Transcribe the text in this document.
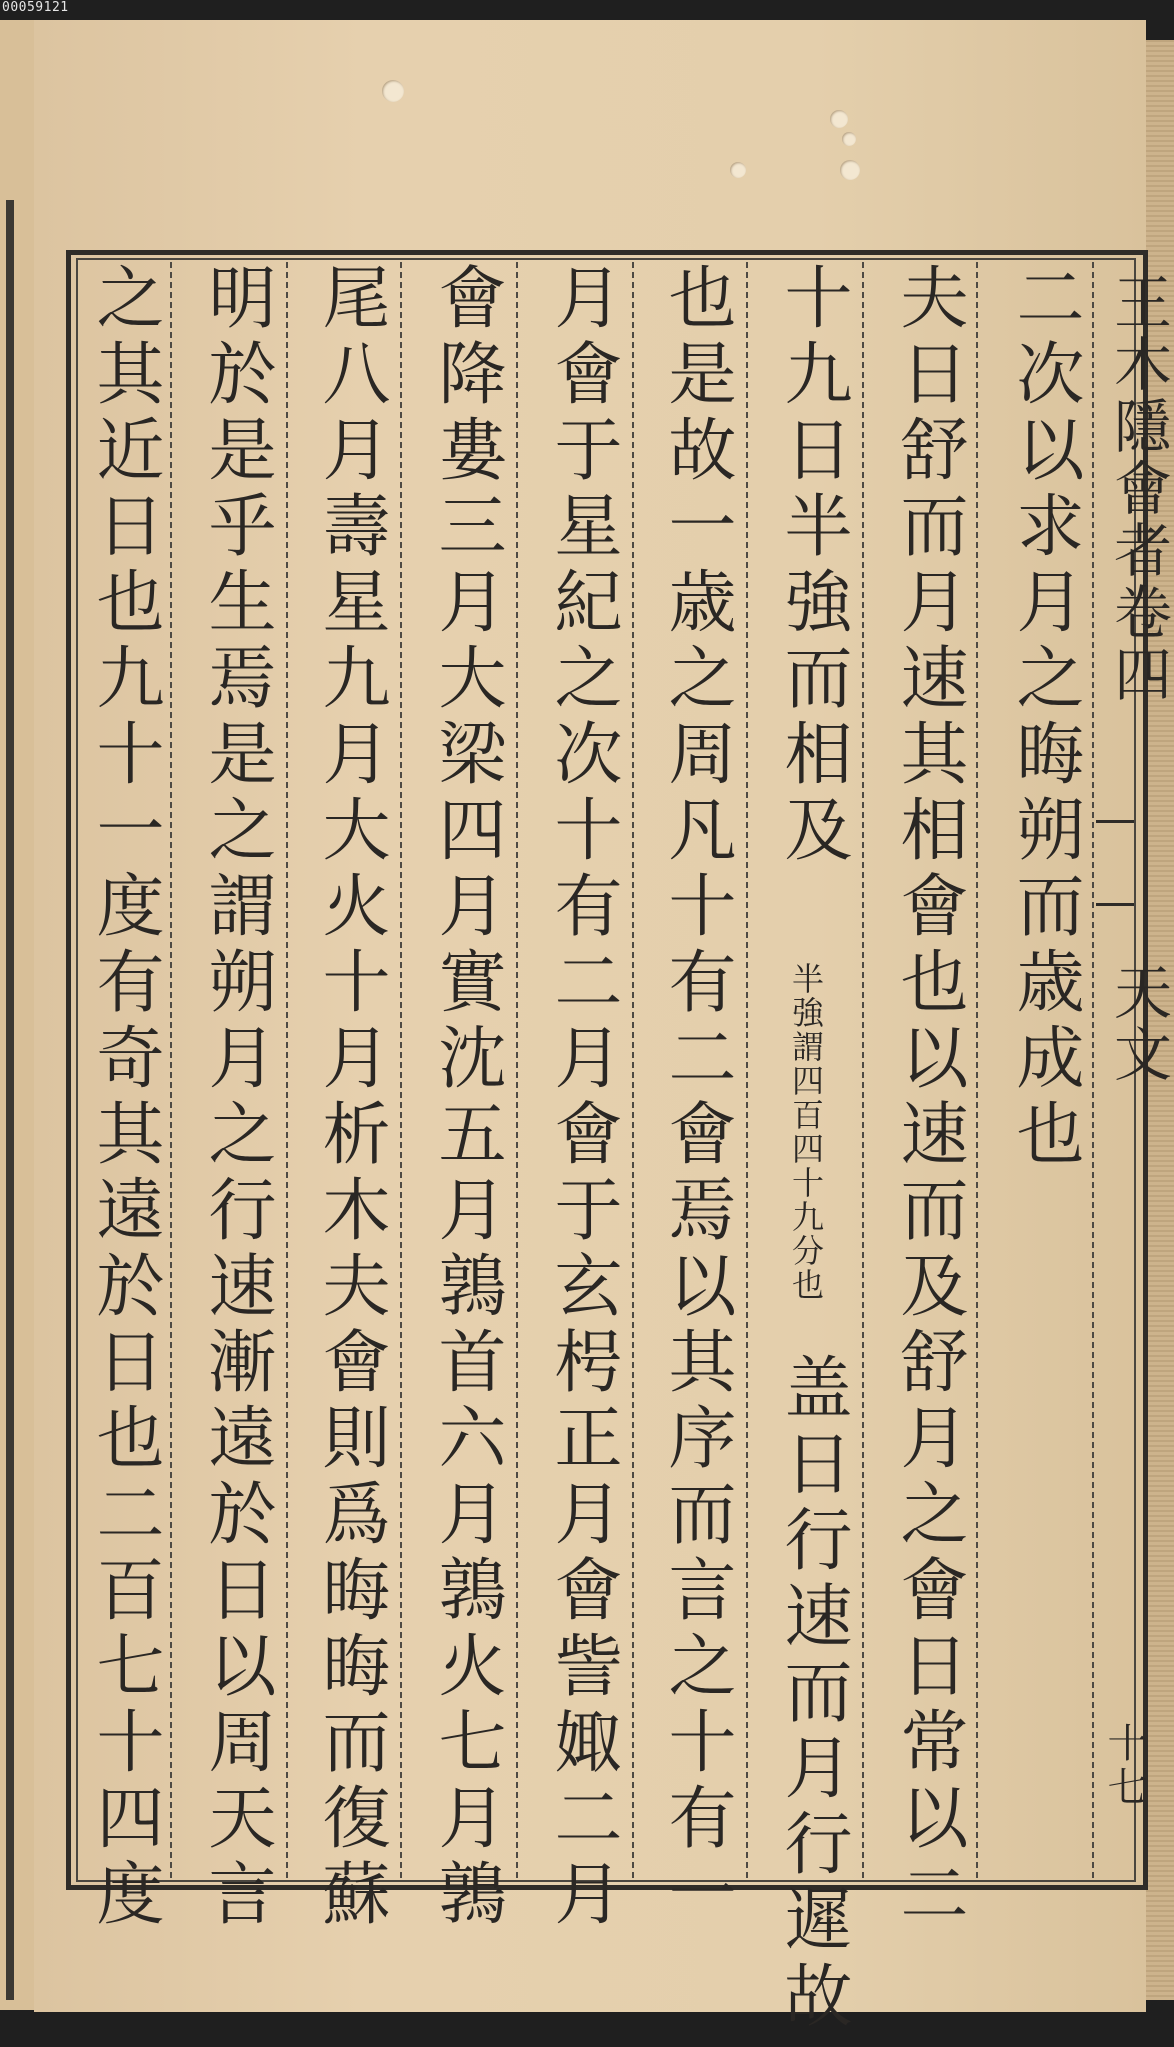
00059121
王木隱會者卷四
天文
十七
二次以求月之晦朔而歳成也
夫日舒而月速其相會也以速而及舒月之會日常以二
十九日半強而相及
半強謂四百四十九分也
盖日行速而月行遲故
也是故一歳之周凡十有二會焉以其序而言之十有一
月會于星紀之次十有二月會于玄枵正月會訾娵二月
會降婁三月大梁四月實沈五月鶉首六月鶉火七月鶉
尾八月壽星九月大火十月析木夫會則爲晦晦而復蘇
明於是乎生焉是之謂朔月之行速漸遠於日以周天言
之其近日也九十一度有奇其遠於日也二百七十四度
